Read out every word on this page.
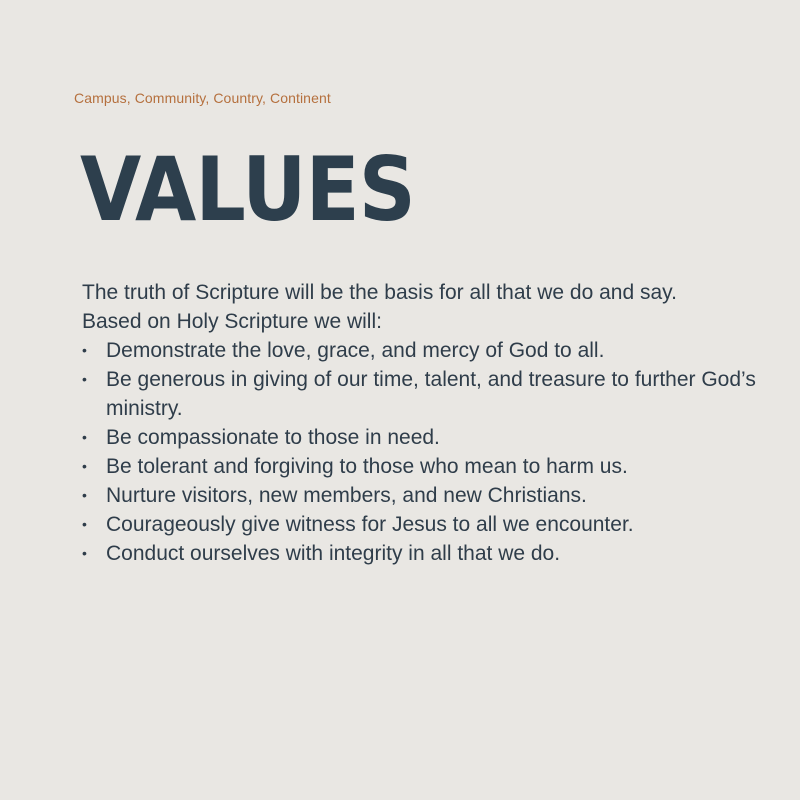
Campus, Community, Country, Continent
VALUES

The truth of Scripture will be the basis for all that we do and say.

Based on Holy Scripture we will:

• Demonstrate the love, grace, and mercy of God to all.
• Be generous in giving of our time, talent, and treasure to further God’s ministry.
• Be compassionate to those in need.
• Be tolerant and forgiving to those who mean to harm us.
• Nurture visitors, new members, and new Christians.
• Courageously give witness for Jesus to all we encounter.
• Conduct ourselves with integrity in all that we do.
